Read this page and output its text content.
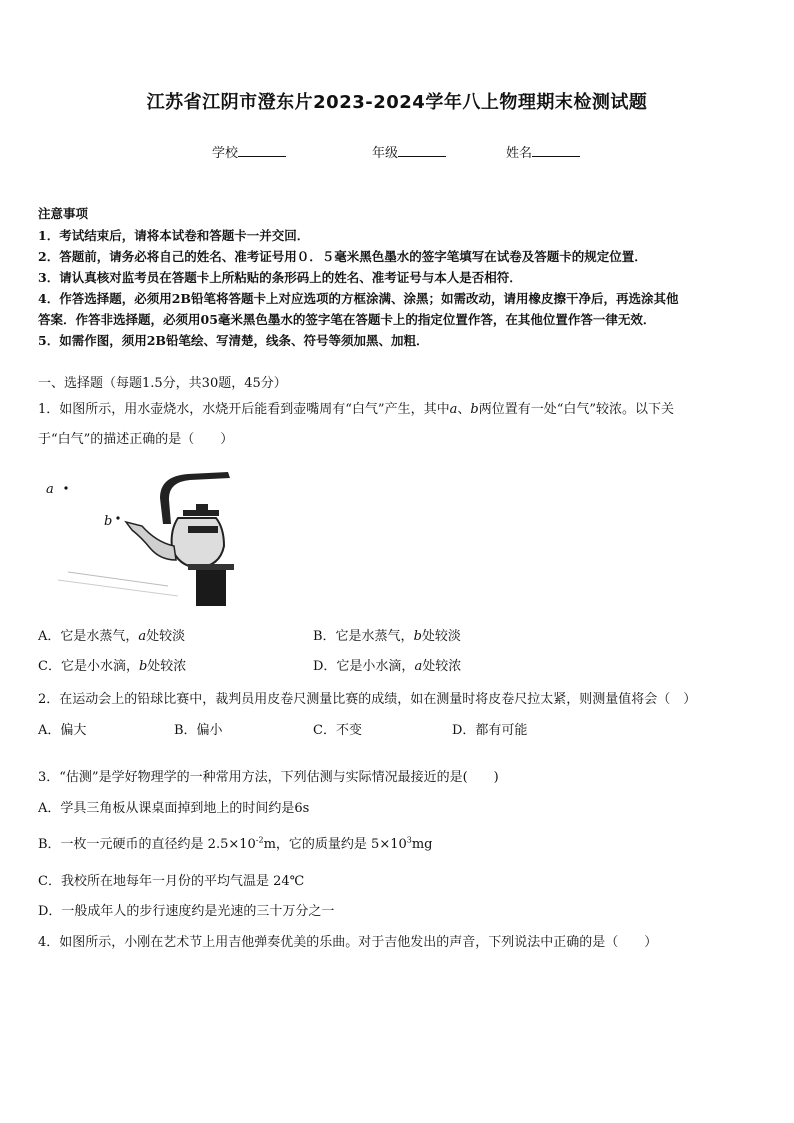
江苏省江阴市澄东片2023-2024学年八上物理期末检测试题
学校	年级	姓名
注意事项
1．考试结束后，请将本试卷和答题卡一并交回．
2．答题前，请务必将自己的姓名、准考证号用０．５毫米黑色墨水的签字笔填写在试卷及答题卡的规定位置．
3．请认真核对监考员在答题卡上所粘贴的条形码上的姓名、准考证号与本人是否相符．
4．作答选择题，必须用2B铅笔将答题卡上对应选项的方框涂满、涂黑；如需改动，请用橡皮擦干净后，再选涂其他
答案．作答非选择题，必须用05毫米黑色墨水的签字笔在答题卡上的指定位置作答，在其他位置作答一律无效．
5．如需作图，须用2B铅笔绘、写清楚，线条、符号等须加黑、加粗．
一、选择题（每题1.5分，共30题，45分）
1．如图所示，用水壶烧水，水烧开后能看到壶嘴周有“白气”产生，其中a、b两位置有一处“白气”较浓。以下关
于“白气”的描述正确的是（　　）
a
b
A．它是水蒸气，a处较淡	B．它是水蒸气，b处较淡
C．它是小水滴，b处较浓	D．它是小水滴，a处较浓
2．在运动会上的铅球比赛中，裁判员用皮卷尺测量比赛的成绩，如在测量时将皮卷尺拉太紧，则测量值将会（　）
A．偏大	B．偏小	C．不变	D．都有可能
3．“估测”是学好物理学的一种常用方法，下列估测与实际情况最接近的是(　　)
A．学具三角板从课桌面掉到地上的时间约是6s
B．一枚一元硬币的直径约是 $2.5\times 10^{-2}m$，它的质量约是 $5\times 10^3mg$
C．我校所在地每年一月份的平均气温是 24℃
D．一般成年人的步行速度约是光速的三十万分之一
4．如图所示，小刚在艺术节上用吉他弹奏优美的乐曲。对于吉他发出的声音，下列说法中正确的是（　　）
